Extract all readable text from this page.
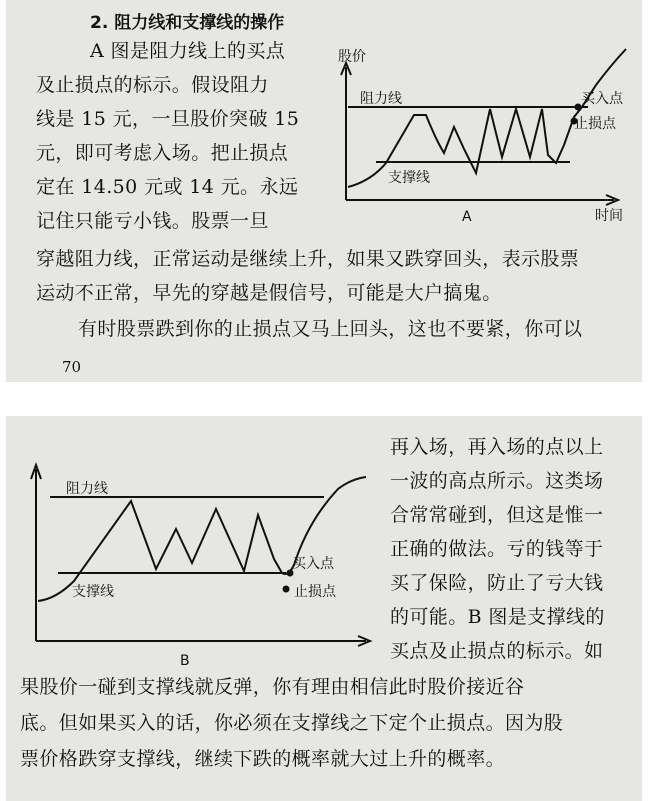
2. 阻力线和支撑线的操作
A 图是阻力线上的买点
及止损点的标示。假设阻力
线是 15 元，一旦股价突破 15
元，即可考虑入场。把止损点
定在 14.50 元或 14 元。永远
记住只能亏小钱。股票一旦
穿越阻力线，正常运动是继续上升，如果又跌穿回头，表示股票
运动不正常，早先的穿越是假信号，可能是大户搞鬼。
有时股票跌到你的止损点又马上回头，这也不要紧，你可以
70
股价
阻力线
支撑线
买入点
止损点
时间
A
阻力线
支撑线
买入点
止损点
B
再入场，再入场的点以上
一波的高点所示。这类场
合常常碰到，但这是惟一
正确的做法。亏的钱等于
买了保险，防止了亏大钱
的可能。B 图是支撑线的
买点及止损点的标示。如
果股价一碰到支撑线就反弹，你有理由相信此时股价接近谷
底。但如果买入的话，你必须在支撑线之下定个止损点。因为股
票价格跌穿支撑线，继续下跌的概率就大过上升的概率。
